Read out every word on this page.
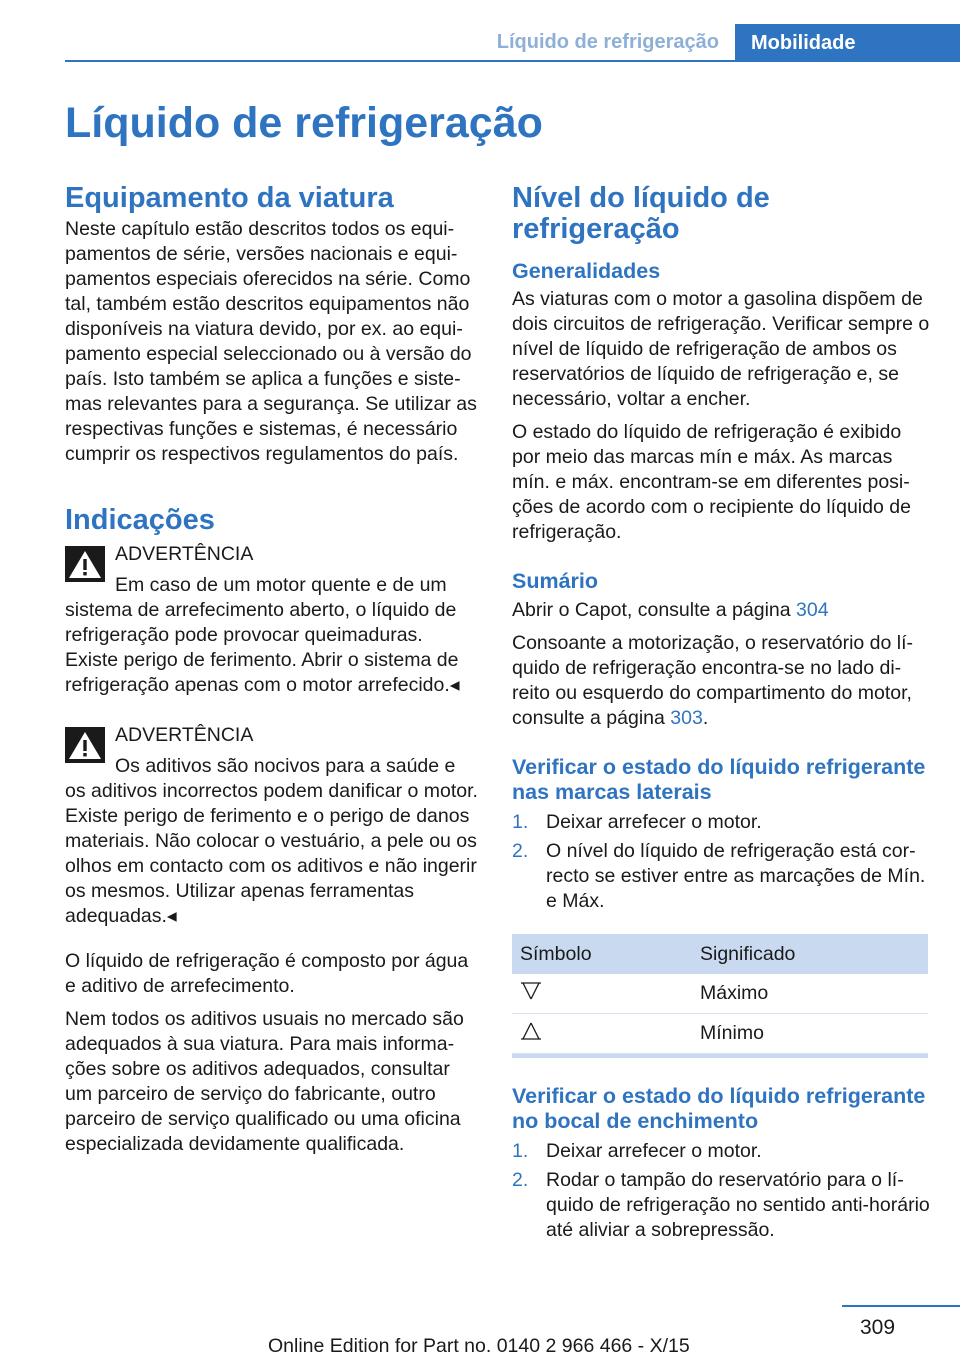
Líquido de refrigeração	Mobilidade
Líquido de refrigeração
Equipamento da viatura

Neste capítulo estão descritos todos os equipamentos de série, versões nacionais e equipamentos especiais oferecidos na série. Como tal, também estão descritos equipamentos não disponíveis na viatura devido, por ex. ao equipamento especial seleccionado ou à versão do país. Isto também se aplica a funções e sistemas relevantes para a segurança. Se utilizar as respectivas funções e sistemas, é necessário cumprir os respectivos regulamentos do país.

Indicações
ADVERTÊNCIA

Em caso de um motor quente e de um

sistema de arrefecimento aberto, o líquido de refrigeração pode provocar queimaduras. Existe perigo de ferimento. Abrir o sistema de refrigeração apenas com o motor arrefecido.◂

ADVERTÊNCIA

Os aditivos são nocivos para a saúde e

os aditivos incorrectos podem danificar o motor. Existe perigo de ferimento e o perigo de danos materiais. Não colocar o vestuário, a pele ou os olhos em contacto com os aditivos e não ingerir os mesmos. Utilizar apenas ferramentas adequadas.◂

O líquido de refrigeração é composto por água e aditivo de arrefecimento.

Nem todos os aditivos usuais no mercado são adequados à sua viatura. Para mais informações sobre os aditivos adequados, consultar um parceiro de serviço do fabricante, outro parceiro de serviço qualificado ou uma oficina especializada devidamente qualificada.

Nível do líquido de refrigeração
Generalidades

As viaturas com o motor a gasolina dispõem de dois circuitos de refrigeração. Verificar sempre o nível de líquido de refrigeração de ambos os reservatórios de líquido de refrigeração e, se necessário, voltar a encher.

O estado do líquido de refrigeração é exibido por meio das marcas mín e máx. As marcas mín. e máx. encontram-se em diferentes posições de acordo com o recipiente do líquido de refrigeração.

Sumário

Abrir o Capot, consulte a página 304

Consoante a motorização, o reservatório do líquido de refrigeração encontra-se no lado direito ou esquerdo do compartimento do motor, consulte a página 303.

Verificar o estado do líquido refrigerante nas marcas laterais
1. Deixar arrefecer o motor.
2. O nível do líquido de refrigeração está correcto se estiver entre as marcações de Mín. e Máx.
Símbolo	Significado
	Máximo
	Mínimo
Verificar o estado do líquido refrigerante no bocal de enchimento
1. Deixar arrefecer o motor.
2. Rodar o tampão do reservatório para o líquido de refrigeração no sentido anti-horário até aliviar a sobrepressão.
309
Online Edition for Part no. 0140 2 966 466 - X/15
